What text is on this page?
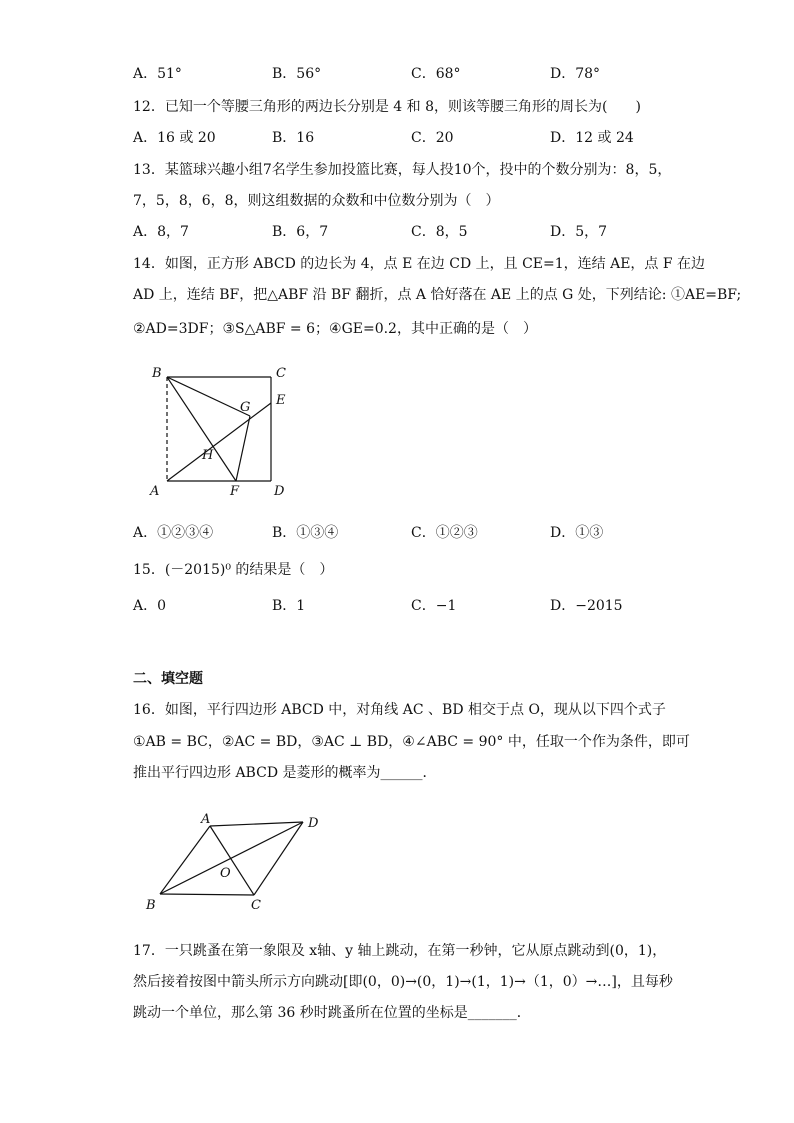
A．51°	B．56°	C．68°	D．78°
12．已知一个等腰三角形的两边长分别是 4 和 8，则该等腰三角形的周长为(　　)
A．16 或 20	B．16	C．20	D．12 或 24
13．某篮球兴趣小组7名学生参加投篮比赛，每人投10个，投中的个数分别为：8，5，
7，5，8，6，8，则这组数据的众数和中位数分别为（　）
A．8，7	B．6，7	C．8，5	D．5，7
14．如图，正方形 ABCD 的边长为 4，点 E 在边 CD 上，且 CE=1，连结 AE，点 F 在边
AD 上，连结 BF，把△ABF 沿 BF 翻折，点 A 恰好落在 AE 上的点 G 处，下列结论: ①AE=BF;
②AD=3DF；③S△ABF = 6；④GE=0.2，其中正确的是（　）
B	C
E
G
H
A	F	D
A．①②③④	B．①③④	C．①②③	D．①③
15．(－2015)⁰ 的结果是（　）
A．0	B．1	C．−1	D．−2015
二、填空题
16．如图，平行四边形 ABCD 中，对角线 AC 、BD 相交于点 O，现从以下四个式子
①AB = BC，②AC = BD，③AC ⊥ BD，④∠ABC = 90° 中，任取一个作为条件，即可
推出平行四边形 ABCD 是菱形的概率为______．
A	D
O
B	C
17．一只跳蚤在第一象限及 x轴、y 轴上跳动，在第一秒钟，它从原点跳动到(0，1)，
然后接着按图中箭头所示方向跳动[即(0，0)→(0，1)→(1，1)→（1，0）→…]，且每秒
跳动一个单位，那么第 36 秒时跳蚤所在位置的坐标是_______．
